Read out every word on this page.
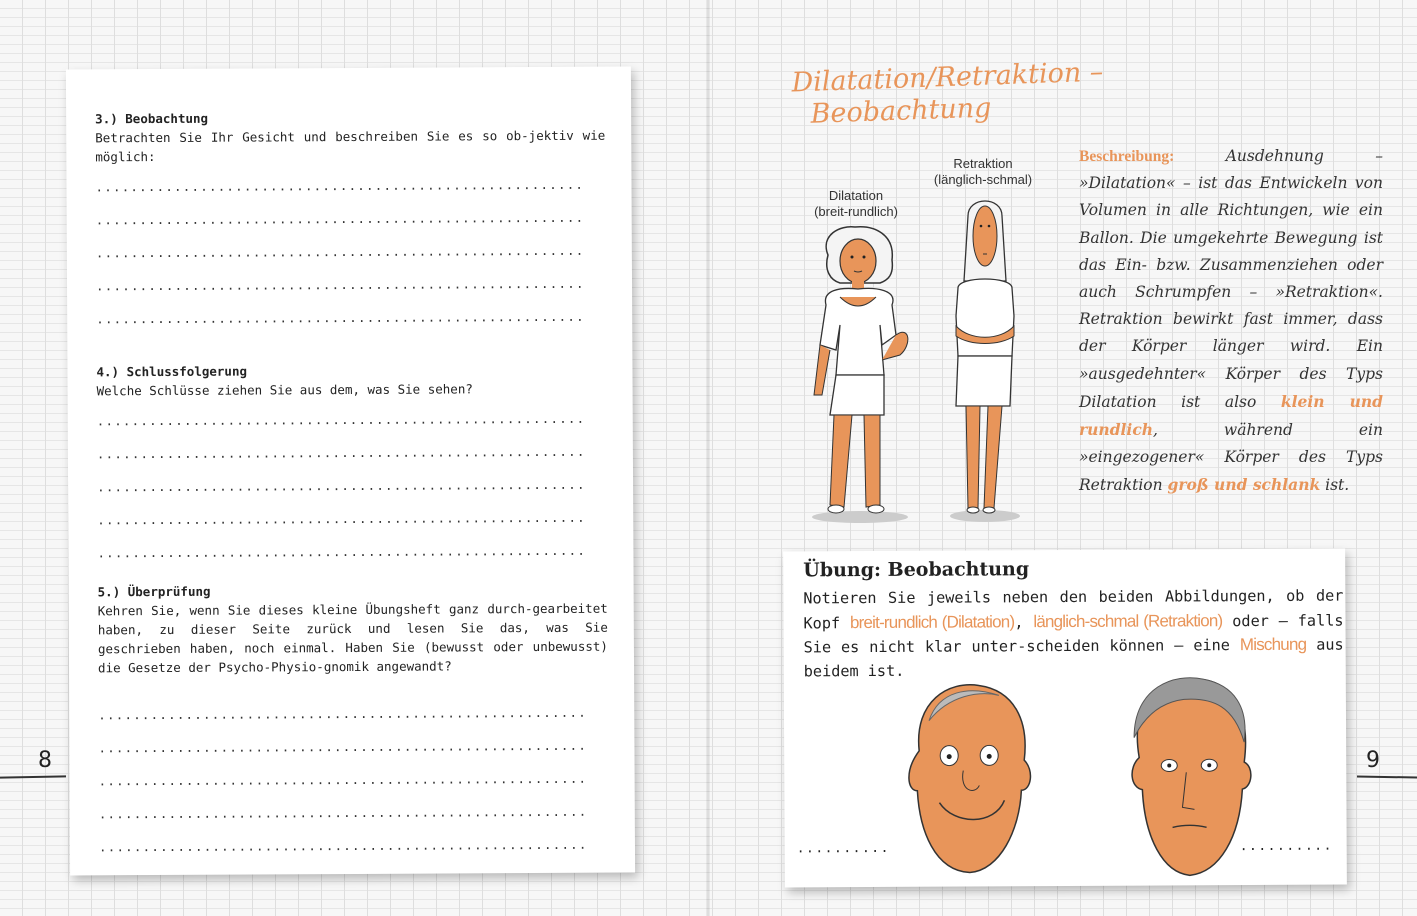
3.) Beobachtung
Betrachten Sie Ihr Gesicht und beschreiben Sie es so ob-jektiv wie möglich:
........................................................
........................................................
........................................................
........................................................
........................................................
4.) Schlussfolgerung
Welche Schlüsse ziehen Sie aus dem, was Sie sehen?
........................................................
........................................................
........................................................
........................................................
........................................................
5.) Überprüfung
Kehren Sie, wenn Sie dieses kleine Übungsheft ganz durch-gearbeitet haben, zu dieser Seite zurück und lesen Sie das, was Sie geschrieben haben, noch einmal. Haben Sie (bewusst oder unbewusst) die Gesetze der Psycho-Physio-gnomik angewandt?
........................................................
........................................................
........................................................
........................................................
........................................................
8
Dilatation/Retraktion –
Beobachtung
Dilatation
(breit-rundlich)
Retraktion
(länglich-schmal)
Beschreibung: Ausdehnung – »Dilatation« – ist das Entwickeln von Volumen in alle Richtungen, wie ein Ballon. Die umgekehrte Bewegung ist das Ein- bzw. Zusammenziehen oder auch Schrumpfen – »Retraktion«. Retraktion bewirkt fast immer, dass der Körper länger wird. Ein »ausgedehnter« Körper des Typs Dilatation ist also klein und rundlich, während ein »eingezogener« Körper des Typs Retraktion groß und schlank ist.
Übung: Beobachtung
Notieren Sie jeweils neben den beiden Abbildungen, ob der Kopf breit-rundlich (Dilatation), länglich-schmal (Retraktion) oder – falls Sie es nicht klar unter-scheiden können – eine Mischung aus beidem ist.
..........	..........
9
